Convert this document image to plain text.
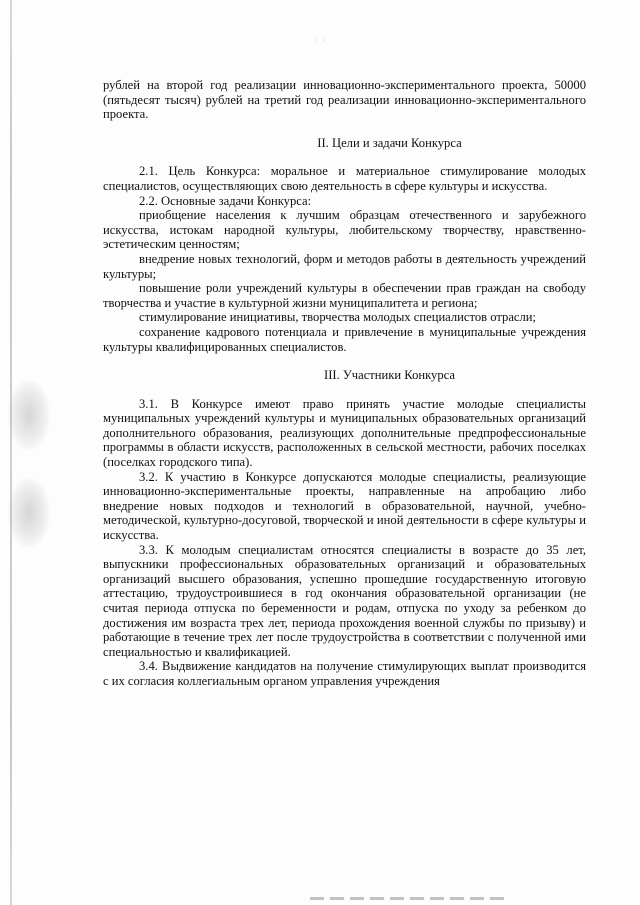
· ·

рублей на второй год реализации инновационно-экспериментального проекта, 50000 (пятьдесят тысяч) рублей на третий год реализации инновационно-экспериментального проекта.

II. Цели и задачи Конкурса

2.1. Цель Конкурса: моральное и материальное стимулирование молодых специалистов, осуществляющих свою деятельность в сфере культуры и искусства.

2.2. Основные задачи Конкурса:

приобщение населения к лучшим образцам отечественного и зарубежного искусства, истокам народной культуры, любительскому творчеству, нравственно-эстетическим ценностям;

внедрение новых технологий, форм и методов работы в деятельность учреждений культуры;

повышение роли учреждений культуры в обеспечении прав граждан на свободу творчества и участие в культурной жизни муниципалитета и региона;

стимулирование инициативы, творчества молодых специалистов отрасли;

сохранение кадрового потенциала и привлечение в муниципальные учреждения культуры квалифицированных специалистов.

III. Участники Конкурса

3.1. В Конкурсе имеют право принять участие молодые специалисты муниципальных учреждений культуры и муниципальных образовательных организаций дополнительного образования, реализующих дополнительные предпрофессиональные программы в области искусств, расположенных в сельской местности, рабочих поселках (поселках городского типа).

3.2. К участию в Конкурсе допускаются молодые специалисты, реализующие инновационно-экспериментальные проекты, направленные на апробацию либо внедрение новых подходов и технологий в образовательной, научной, учебно-методической, культурно-досуговой, творческой и иной деятельности в сфере культуры и искусства.

3.3. К молодым специалистам относятся специалисты в возрасте до 35 лет, выпускники профессиональных образовательных организаций и образовательных организаций высшего образования, успешно прошедшие государственную итоговую аттестацию, трудоустроившиеся в год окончания образовательной организации (не считая периода отпуска по беременности и родам, отпуска по уходу за ребенком до достижения им возраста трех лет, периода прохождения военной службы по призыву) и работающие в течение трех лет после трудоустройства в соответствии с полученной ими специальностью и квалификацией.

3.4. Выдвижение кандидатов на получение стимулирующих выплат производится с их согласия коллегиальным органом управления учреждения
